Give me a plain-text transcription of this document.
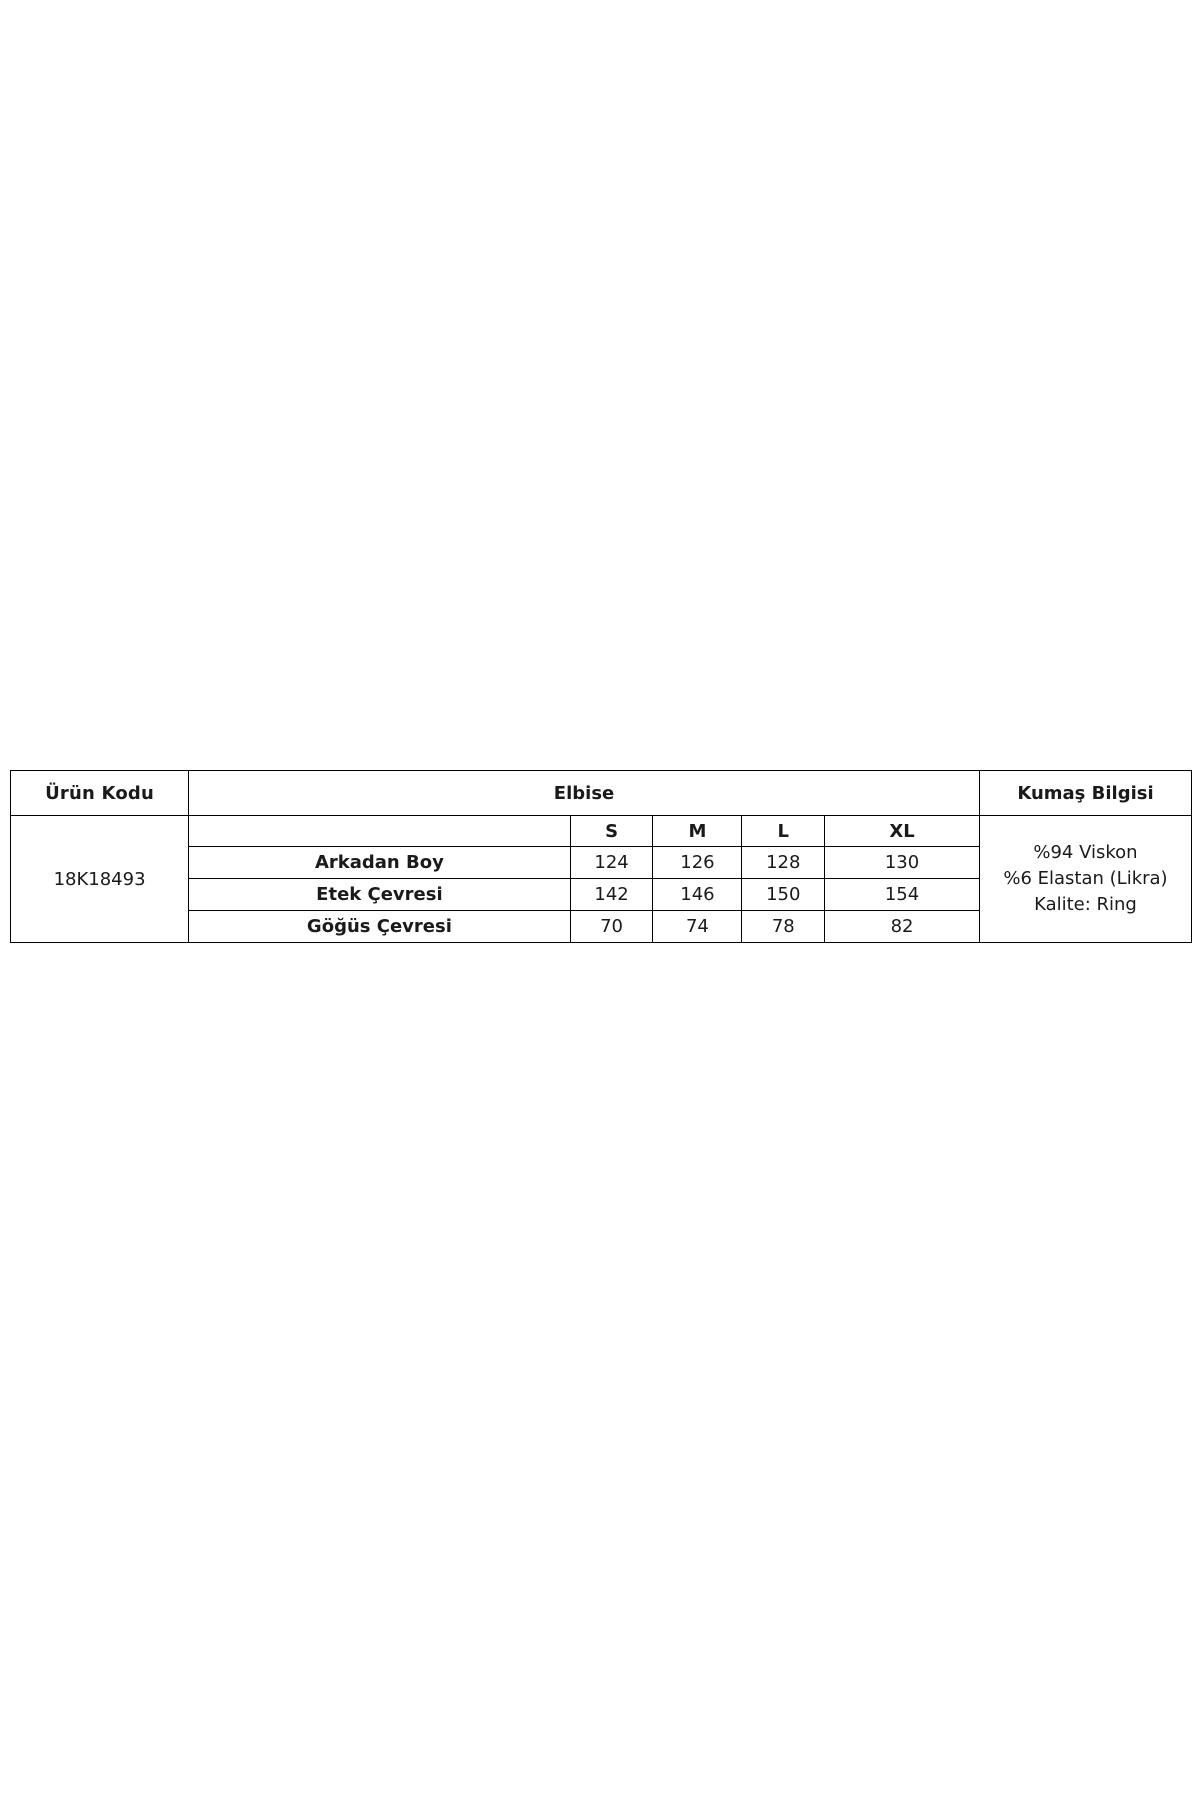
Ürün Kodu	Elbise					Kumaş Bilgisi
18K18493		S	M	L	XL	%94 Viskon
%6 Elastan (Likra)
Kalite: Ring

	Arkadan Boy	124	126	128	130	
	Etek Çevresi	142	146	150	154	
	Göğüs Çevresi	70	74	78	82	
